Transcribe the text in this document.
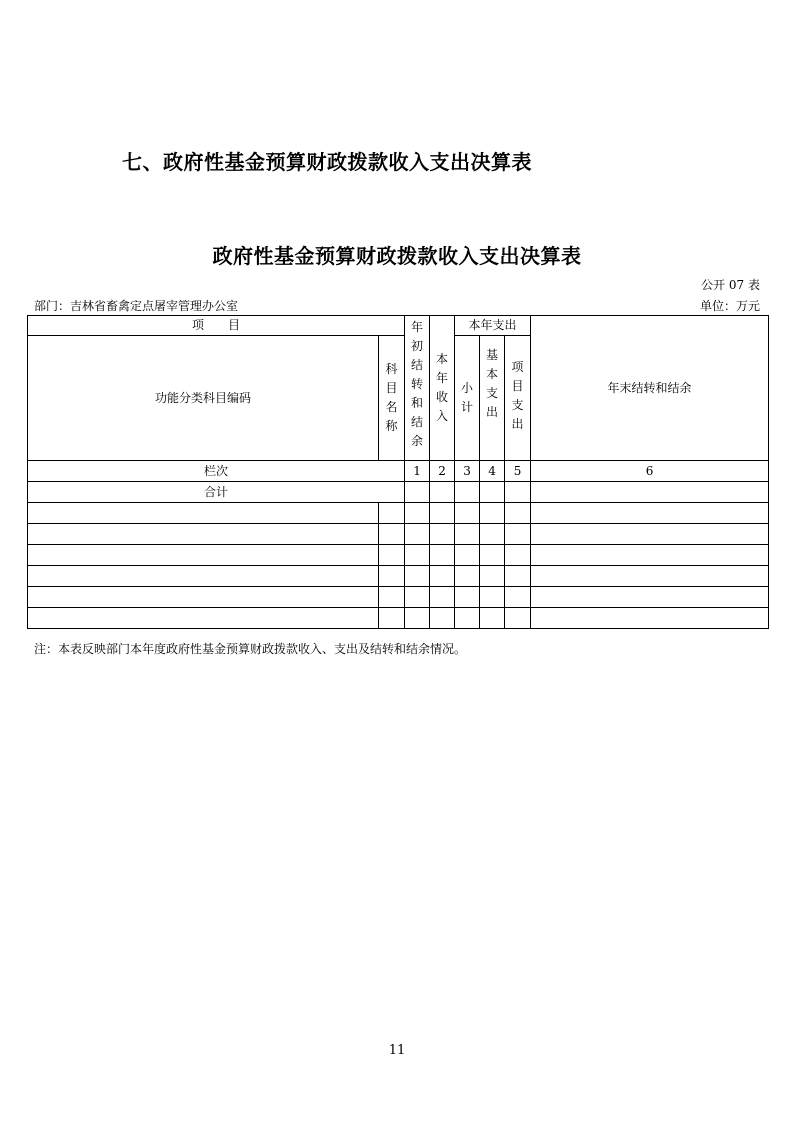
七、政府性基金预算财政拨款收入支出决算表
政府性基金预算财政拨款收入支出决算表
公开 07 表
部门：吉林省畜禽定点屠宰管理办公室	单位：万元
项　　目		年初结转和结余	本年收入	本年支出			年末结转和结余
功能分类科目编码	科目名称			小计	基本支出	项目支出	
栏次		1	2	3	4	5	6
合计							

注：本表反映部门本年度政府性基金预算财政拨款收入、支出及结转和结余情况。
11
